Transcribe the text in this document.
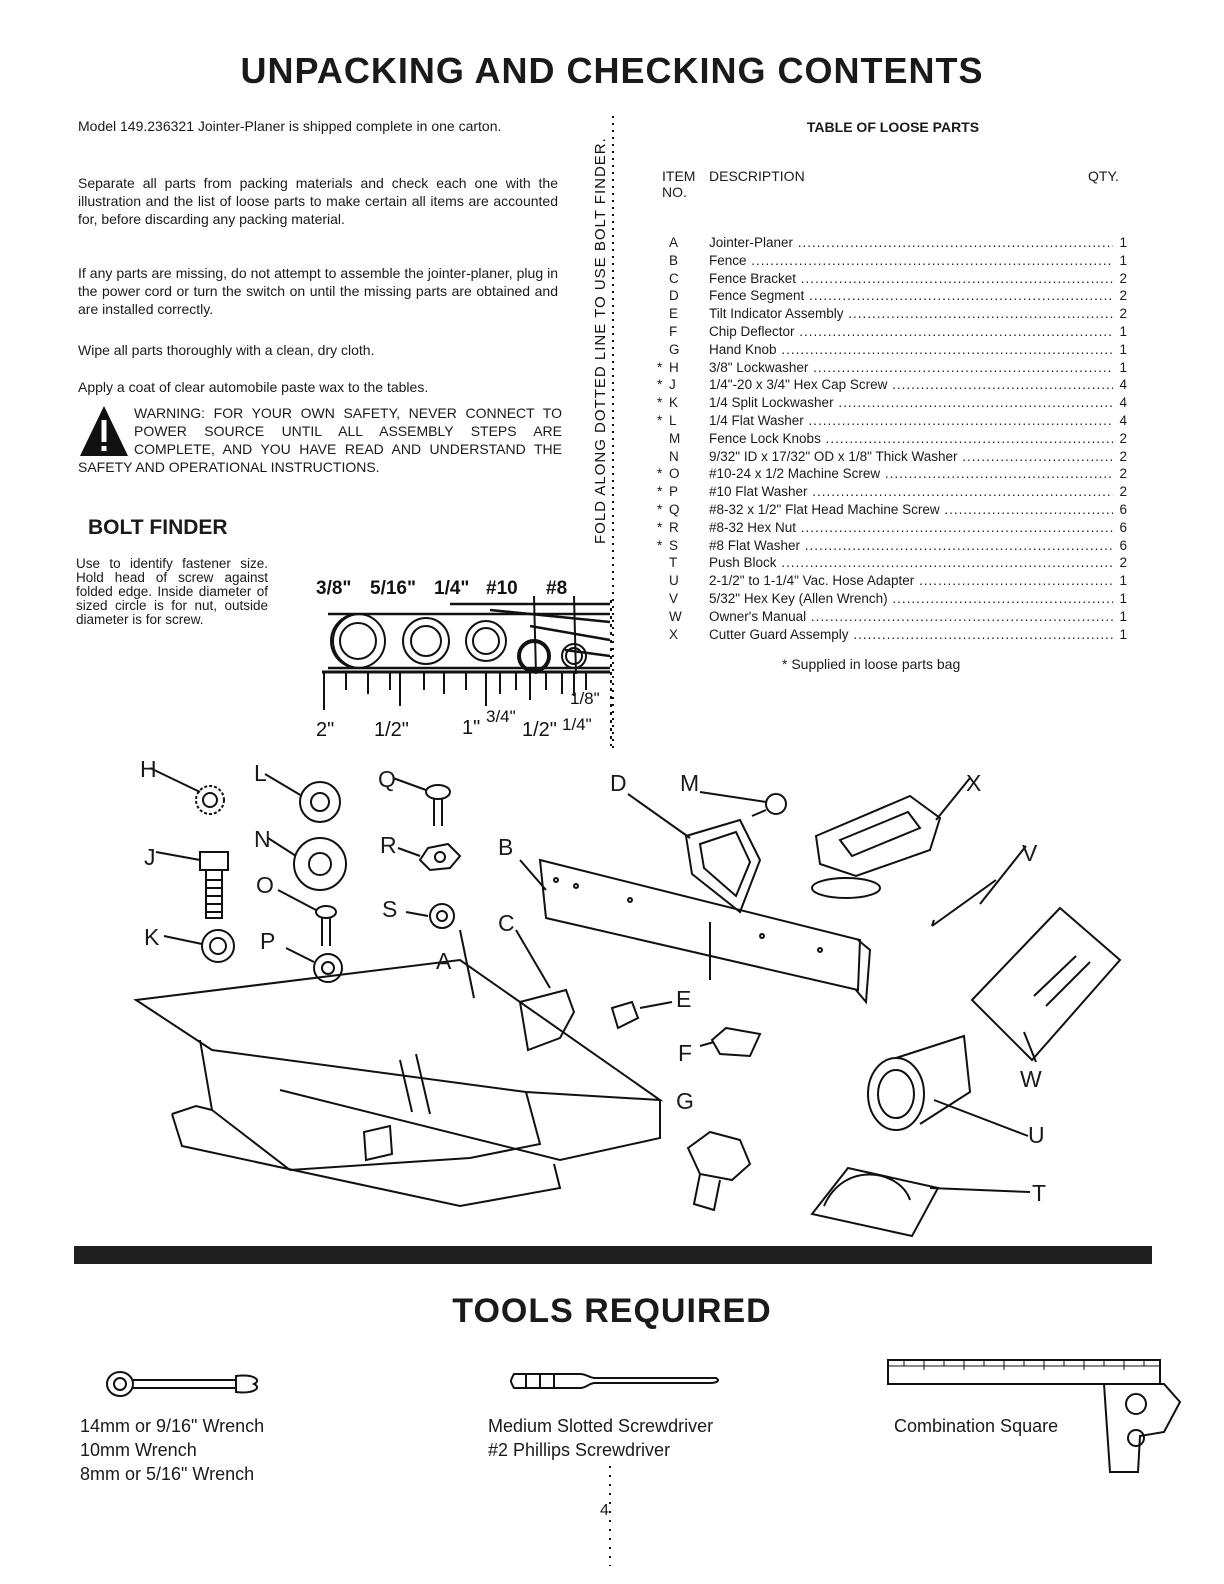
UNPACKING AND CHECKING CONTENTS

Model 149.236321 Jointer-Planer is shipped complete in one carton.

Separate all parts from packing materials and check each one with the illustration and the list of loose parts to make certain all items are accounted for, before discarding any packing material.

If any parts are missing, do not attempt to assemble the jointer-planer, plug in the power cord or turn the switch on until the missing parts are obtained and are installed correctly.

Wipe all parts thoroughly with a clean, dry cloth.

Apply a coat of clear automobile paste wax to the tables.

WARNING: FOR YOUR OWN SAFETY, NEVER CONNECT TO POWER SOURCE UNTIL ALL ASSEMBLY STEPS ARE COMPLETE, AND YOU HAVE READ AND UNDERSTAND THE SAFETY AND OPERATIONAL INSTRUCTIONS.
BOLT FINDER

Use to identify fastener size. Hold head of screw against folded edge. Inside diameter of sized circle is for nut, outside diameter is for screw.

3/8" 5/16" 1/4" #10 #8
2" 1/2"	1"
3/4"
1/2" 1/4"
1/8"
FOLD ALONG DOTTED LINE TO USE BOLT FINDER.
TABLE OF LOOSE PARTS
ITEM NO.
DESCRIPTION	QTY.
A	Jointer-Planer .....	1
B	Fence .....	1
C	Fence Bracket .....	2
D	Fence Segment .....	2
E	Tilt Indicator Assembly .....	2
F	Chip Deflector .....	1
G	Hand Knob .....	1
* H	3/8" Lockwasher .....	1
* J	1/4"-20 x 3/4" Hex Cap Screw .....	4
* K	1/4 Split Lockwasher .....	4
* L	1/4 Flat Washer .....	4
M	Fence Lock Knobs .....	2
N	9/32" ID x 17/32" OD x 1/8" Thick Washer .....	2
* O	#10-24 x 1/2 Machine Screw .....	2
* P	#10 Flat Washer .....	2
* Q	#8-32 x 1/2" Flat Head Machine Screw .....	6
* R	#8-32 Hex Nut .....	6
* S	#8 Flat Washer .....	6
T	Push Block .....	2
U	2-1/2" to 1-1/4" Vac. Hose Adapter .....	1
V	5/32" Hex Key (Allen Wrench) .....	1
W	Owner's Manual .....	1
X	Cutter Guard Assemply .....	1
* Supplied in loose parts bag
H	L	Q	D M	X
J
N	R	B	V
O
S
C
K	P
A
E
F
G
W
U
T
TOOLS REQUIRED
14mm or 9/16" Wrench
10mm Wrench
8mm or 5/16" Wrench
Medium Slotted Screwdriver
#2 Phillips Screwdriver
Combination Square
4
